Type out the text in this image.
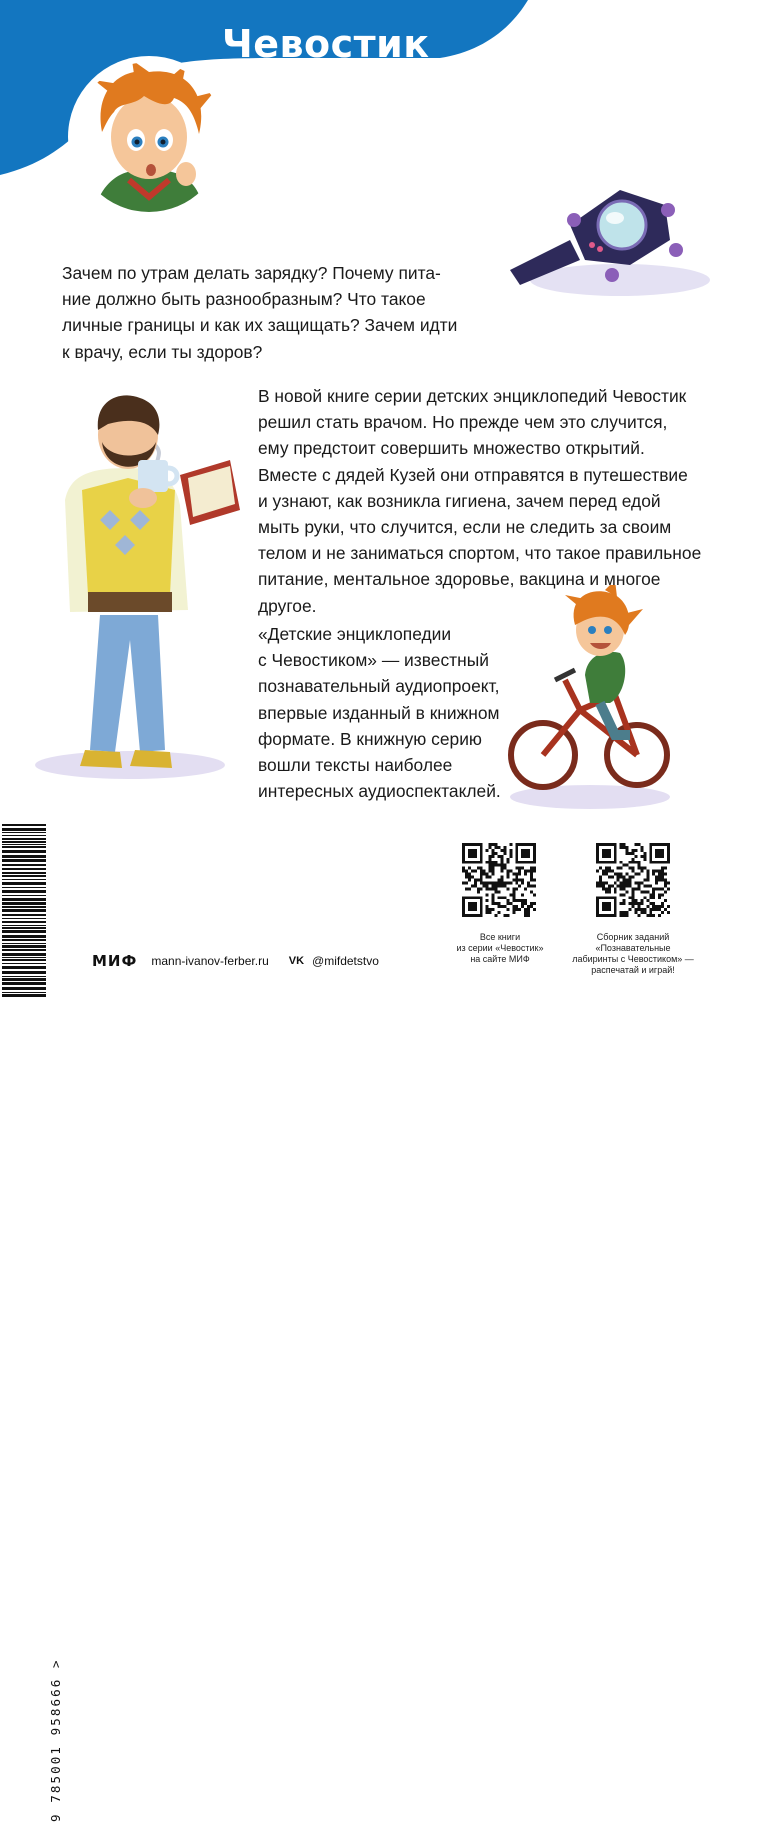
Чевостик

Зачем по утрам делать зарядку? Почему пита-
ние должно быть разнообразным? Что такое
личные границы и как их защищать? Зачем идти
к врачу, если ты здоров?

В новой книге серии детских энциклопедий Чевостик
решил стать врачом. Но прежде чем это случится,
ему предстоит совершить множество открытий.
Вместе с дядей Кузей они отправятся в путешествие
и узнают, как возникла гигиена, зачем перед едой
мыть руки, что случится, если не следить за своим
телом и не заниматься спортом, что такое правильное
питание, ментальное здоровье, вакцина и многое
другое.

«Детские энциклопедии
с Чевостиком» — известный
познавательный аудиопроект,
впервые изданный в книжном
формате. В книжную серию
вошли тексты наиболее
интересных аудиоспектаклей.

9 785001 958666 >
Все книги
из серии «Чевостик»
на сайте МИФ
Сборник заданий «Познавательные
лабиринты с Чевостиком» —
распечатай и играй!
МИФ mann-ivanov-ferber.ru VK @mifdetstvo
